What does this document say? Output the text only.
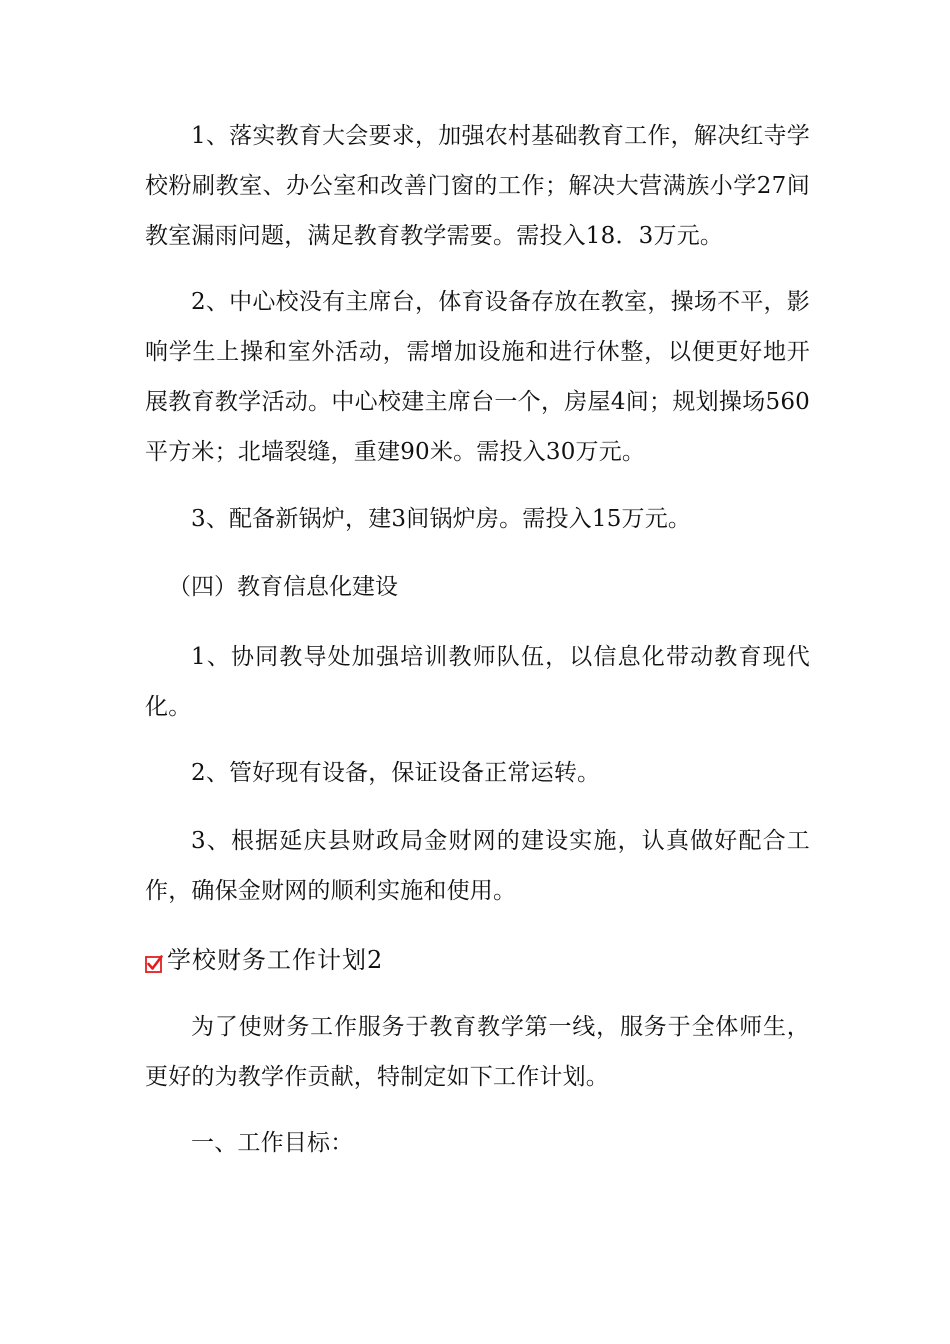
1、落实教育大会要求，加强农村基础教育工作，解决红寺学校粉刷教室、办公室和改善门窗的工作；解决大营满族小学27间教室漏雨问题，满足教育教学需要。需投入18．3万元。

2、中心校没有主席台，体育设备存放在教室，操场不平，影响学生上操和室外活动，需增加设施和进行休整，以便更好地开展教育教学活动。中心校建主席台一个，房屋4间；规划操场560平方米；北墙裂缝，重建90米。需投入30万元。

3、配备新锅炉，建3间锅炉房。需投入15万元。

（四）教育信息化建设

1、协同教导处加强培训教师队伍，以信息化带动教育现代化。

2、管好现有设备，保证设备正常运转。

3、根据延庆县财政局金财网的建设实施，认真做好配合工作，确保金财网的顺利实施和使用。

学校财务工作计划2

为了使财务工作服务于教育教学第一线，服务于全体师生，更好的为教学作贡献，特制定如下工作计划。

一、工作目标：
